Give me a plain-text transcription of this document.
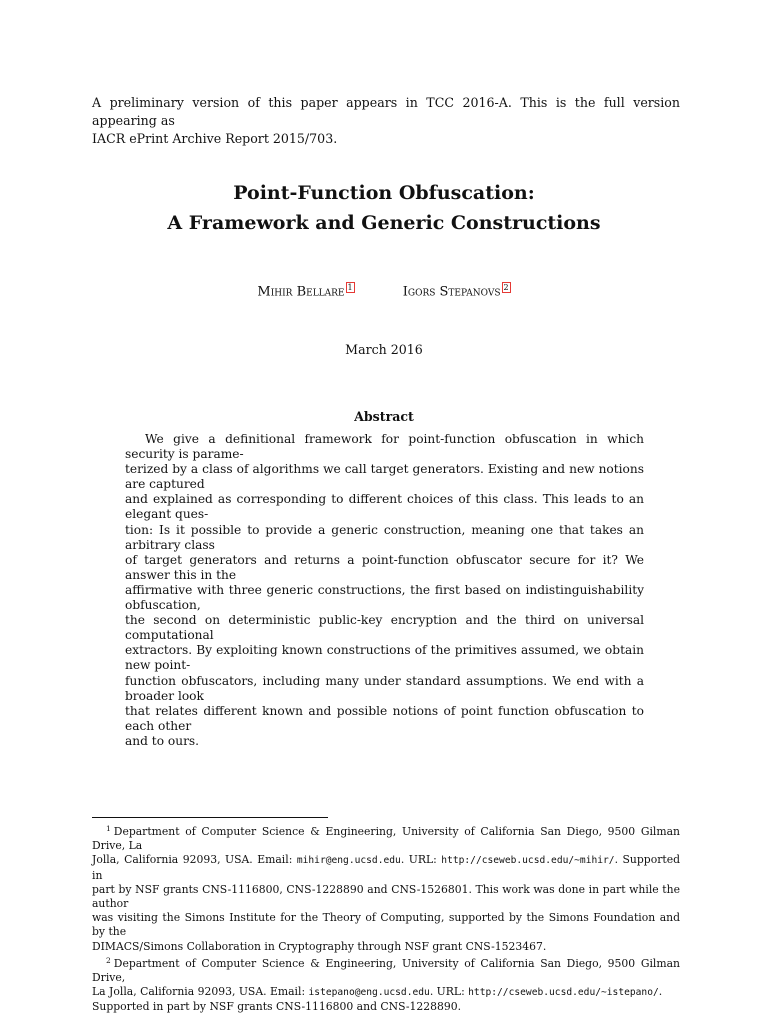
A preliminary version of this paper appears in TCC 2016-A. This is the full version appearing as
IACR ePrint Archive Report 2015/703.
Point-Function Obfuscation:
A Framework and Generic Constructions
Mihir Bellare 1	Igors Stepanovs 2
March 2016
Abstract
We give a definitional framework for point-function obfuscation in which security is parame-
terized by a class of algorithms we call target generators. Existing and new notions are captured
and explained as corresponding to different choices of this class. This leads to an elegant ques-
tion: Is it possible to provide a generic construction, meaning one that takes an arbitrary class
of target generators and returns a point-function obfuscator secure for it? We answer this in the
affirmative with three generic constructions, the first based on indistinguishability obfuscation,
the second on deterministic public-key encryption and the third on universal computational
extractors. By exploiting known constructions of the primitives assumed, we obtain new point-
function obfuscators, including many under standard assumptions. We end with a broader look
that relates different known and possible notions of point function obfuscation to each other
and to ours.

$^1$ Department of Computer Science & Engineering, University of California San Diego, 9500 Gilman Drive, La
Jolla, California 92093, USA. Email: mihir@eng.ucsd.edu. URL: http://cseweb.ucsd.edu/~mihir/. Supported in
part by NSF grants CNS-1116800, CNS-1228890 and CNS-1526801. This work was done in part while the author
was visiting the Simons Institute for the Theory of Computing, supported by the Simons Foundation and by the
DIMACS/Simons Collaboration in Cryptography through NSF grant CNS-1523467.

$^2$ Department of Computer Science & Engineering, University of California San Diego, 9500 Gilman Drive,
La Jolla, California 92093, USA. Email: istepano@eng.ucsd.edu. URL: http://cseweb.ucsd.edu/~istepano/.
Supported in part by NSF grants CNS-1116800 and CNS-1228890.
